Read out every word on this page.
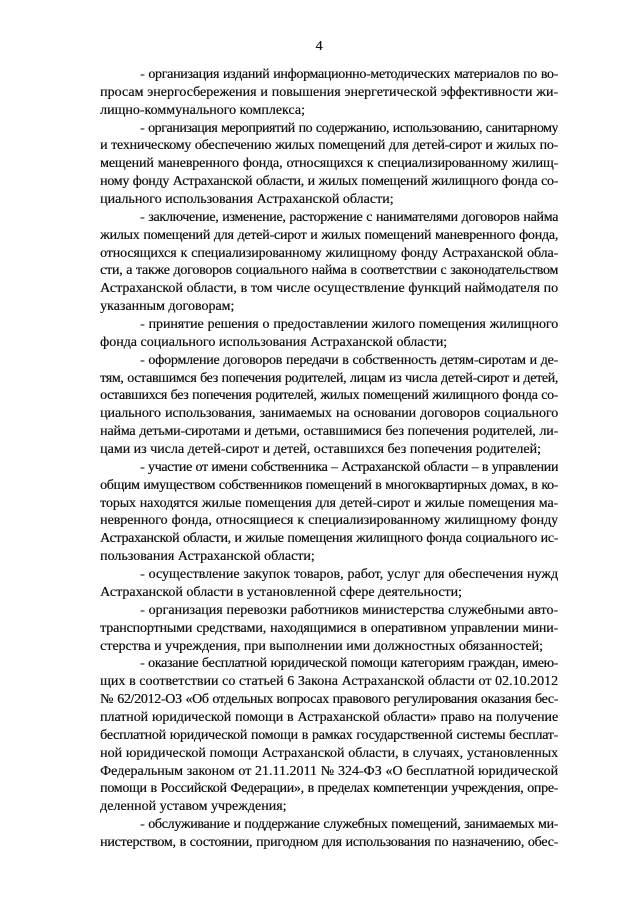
4
- организация изданий информационно-методических материалов по во-
просам энергосбережения и повышения энергетической эффективности жи-
лищно-коммунального комплекса;
- организация мероприятий по содержанию, использованию, санитарному
и техническому обеспечению жилых помещений для детей-сирот и жилых по-
мещений маневренного фонда, относящихся к специализированному жилищ-
ному фонду Астраханской области, и жилых помещений жилищного фонда со-
циального использования Астраханской области;
- заключение, изменение, расторжение с нанимателями договоров найма
жилых помещений для детей-сирот и жилых помещений маневренного фонда,
относящихся к специализированному жилищному фонду Астраханской обла-
сти, а также договоров социального найма в соответствии с законодательством
Астраханской области, в том числе осуществление функций наймодателя по
указанным договорам;
- принятие решения о предоставлении жилого помещения жилищного
фонда социального использования Астраханской области;
- оформление договоров передачи в собственность детям-сиротам и де-
тям, оставшимся без попечения родителей, лицам из числа детей-сирот и детей,
оставшихся без попечения родителей, жилых помещений жилищного фонда со-
циального использования, занимаемых на основании договоров социального
найма детьми-сиротами и детьми, оставшимися без попечения родителей, ли-
цами из числа детей-сирот и детей, оставшихся без попечения родителей;
- участие от имени собственника – Астраханской области – в управлении
общим имуществом собственников помещений в многоквартирных домах, в ко-
торых находятся жилые помещения для детей-сирот и жилые помещения ма-
невренного фонда, относящиеся к специализированному жилищному фонду
Астраханской области, и жилые помещения жилищного фонда социального ис-
пользования Астраханской области;
- осуществление закупок товаров, работ, услуг для обеспечения нужд
Астраханской области в установленной сфере деятельности;
- организация перевозки работников министерства служебными авто-
транспортными средствами, находящимися в оперативном управлении мини-
стерства и учреждения, при выполнении ими должностных обязанностей;
- оказание бесплатной юридической помощи категориям граждан, имею-
щих в соответствии со статьей 6 Закона Астраханской области от 02.10.2012
№ 62/2012-ОЗ «Об отдельных вопросах правового регулирования оказания бес-
платной юридической помощи в Астраханской области» право на получение
бесплатной юридической помощи в рамках государственной системы бесплат-
ной юридической помощи Астраханской области, в случаях, установленных
Федеральным законом от 21.11.2011 № 324-ФЗ «О бесплатной юридической
помощи в Российской Федерации», в пределах компетенции учреждения, опре-
деленной уставом учреждения;
- обслуживание и поддержание служебных помещений, занимаемых ми-
нистерством, в состоянии, пригодном для использования по назначению, обес-
